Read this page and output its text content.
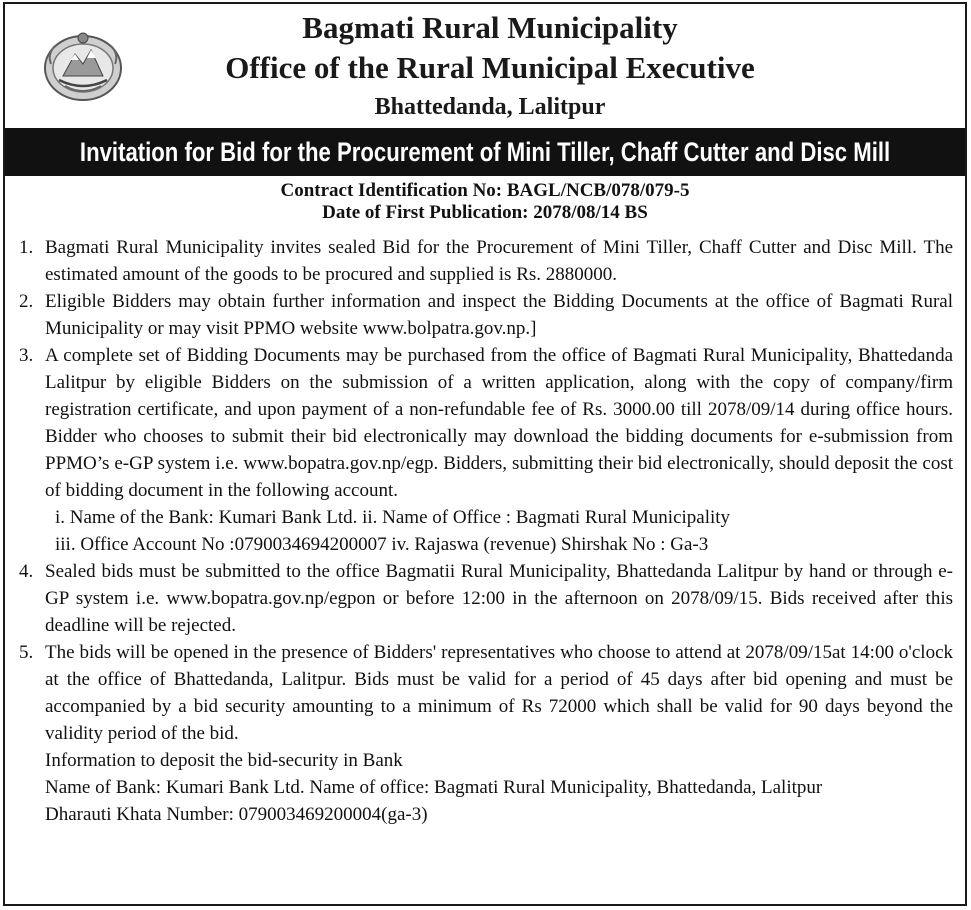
Bagmati Rural Municipality
Office of the Rural Municipal Executive
Bhattedanda, Lalitpur
Invitation for Bid for the Procurement of Mini Tiller, Chaff Cutter and Disc Mill
Contract Identification No: BAGL/NCB/078/079-5
Date of First Publication: 2078/08/14 BS
1. Bagmati Rural Municipality invites sealed Bid for the Procurement of Mini Tiller, Chaff Cutter and Disc Mill. The estimated amount of the goods to be procured and supplied is Rs. 2880000.
2. Eligible Bidders may obtain further information and inspect the Bidding Documents at the office of Bagmati Rural Municipality or may visit PPMO website www.bolpatra.gov.np.]
3. A complete set of Bidding Documents may be purchased from the office of Bagmati Rural Municipality, Bhattedanda Lalitpur by eligible Bidders on the submission of a written application, along with the copy of company/firm registration certificate, and upon payment of a non-refundable fee of Rs. 3000.00 till 2078/09/14 during office hours. Bidder who chooses to submit their bid electronically may download the bidding documents for e-submission from PPMO’s e-GP system i.e. www.bopatra.gov.np/egp. Bidders, submitting their bid electronically, should deposit the cost of bidding document in the following account.
i. Name of the Bank: Kumari Bank Ltd. ii. Name of Office : Bagmati Rural Municipality
iii. Office Account No :0790034694200007 iv. Rajaswa (revenue) Shirshak No : Ga-3
4. Sealed bids must be submitted to the office Bagmatii Rural Municipality, Bhattedanda Lalitpur by hand or through e-GP system i.e. www.bopatra.gov.np/egpon or before 12:00 in the afternoon on 2078/09/15. Bids received after this deadline will be rejected.
5. The bids will be opened in the presence of Bidders' representatives who choose to attend at 2078/09/15at 14:00 o'clock at the office of Bhattedanda, Lalitpur. Bids must be valid for a period of 45 days after bid opening and must be accompanied by a bid security amounting to a minimum of Rs 72000 which shall be valid for 90 days beyond the validity period of the bid.
Information to deposit the bid-security in Bank
Name of Bank: Kumari Bank Ltd. Name of office: Bagmati Rural Municipality, Bhattedanda, Lalitpur
Dharauti Khata Number: 079003469200004(ga-3)
